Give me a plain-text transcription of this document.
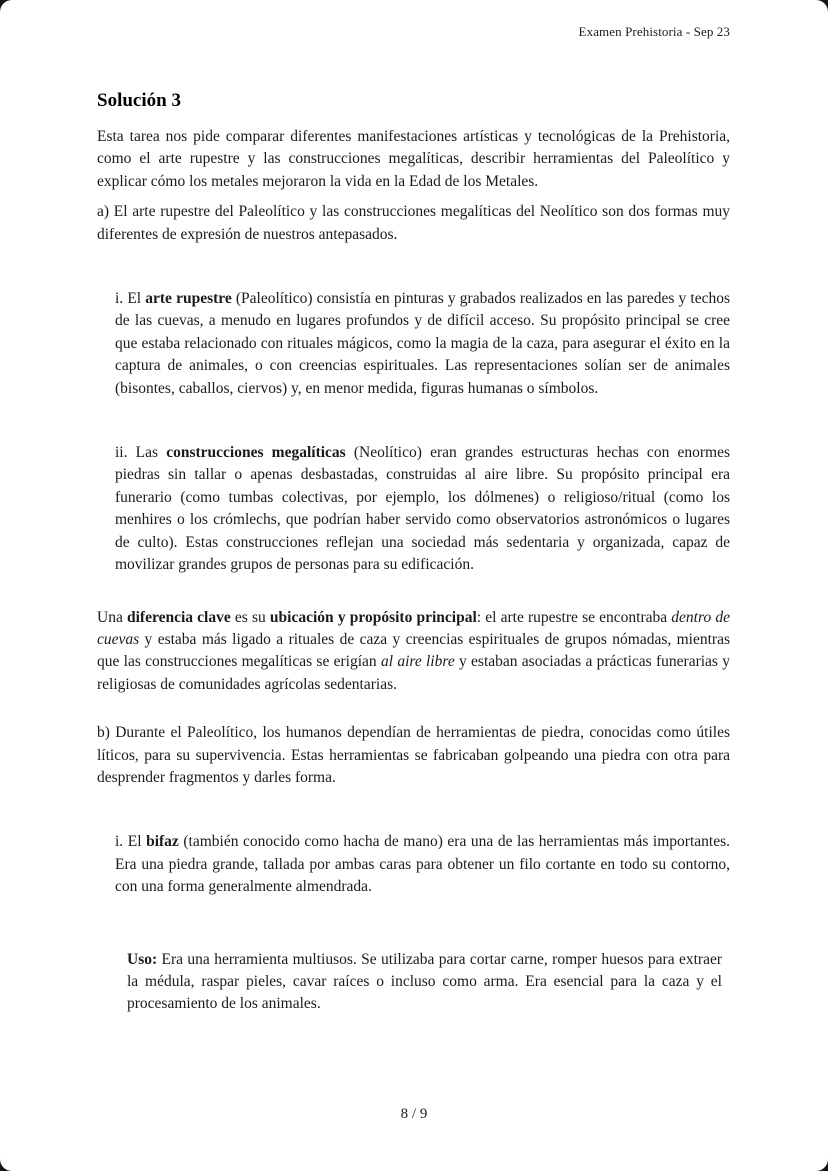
Examen Prehistoria - Sep 23
Solución 3

Esta tarea nos pide comparar diferentes manifestaciones artísticas y tecnológicas de la Prehistoria, como el arte rupestre y las construcciones megalíticas, describir herramientas del Paleolítico y explicar cómo los metales mejoraron la vida en la Edad de los Metales.

a) El arte rupestre del Paleolítico y las construcciones megalíticas del Neolítico son dos formas muy diferentes de expresión de nuestros antepasados.

i. El arte rupestre (Paleolítico) consistía en pinturas y grabados realizados en las paredes y techos de las cuevas, a menudo en lugares profundos y de difícil acceso. Su propósito principal se cree que estaba relacionado con rituales mágicos, como la magia de la caza, para asegurar el éxito en la captura de animales, o con creencias espirituales. Las representaciones solían ser de animales (bisontes, caballos, ciervos) y, en menor medida, figuras humanas o símbolos.

ii. Las construcciones megalíticas (Neolítico) eran grandes estructuras hechas con enormes piedras sin tallar o apenas desbastadas, construidas al aire libre. Su propósito principal era funerario (como tumbas colectivas, por ejemplo, los dólmenes) o religioso/ritual (como los menhires o los crómlechs, que podrían haber servido como observatorios astronómicos o lugares de culto). Estas construcciones reflejan una sociedad más sedentaria y organizada, capaz de movilizar grandes grupos de personas para su edificación.

Una diferencia clave es su ubicación y propósito principal: el arte rupestre se encontraba dentro de cuevas y estaba más ligado a rituales de caza y creencias espirituales de grupos nómadas, mientras que las construcciones megalíticas se erigían al aire libre y estaban asociadas a prácticas funerarias y religiosas de comunidades agrícolas sedentarias.

b) Durante el Paleolítico, los humanos dependían de herramientas de piedra, conocidas como útiles líticos, para su supervivencia. Estas herramientas se fabricaban golpeando una piedra con otra para desprender fragmentos y darles forma.

i. El bifaz (también conocido como hacha de mano) era una de las herramientas más importantes. Era una piedra grande, tallada por ambas caras para obtener un filo cortante en todo su contorno, con una forma generalmente almendrada.

Uso: Era una herramienta multiusos. Se utilizaba para cortar carne, romper huesos para extraer la médula, raspar pieles, cavar raíces o incluso como arma. Era esencial para la caza y el procesamiento de los animales.

8 / 9
